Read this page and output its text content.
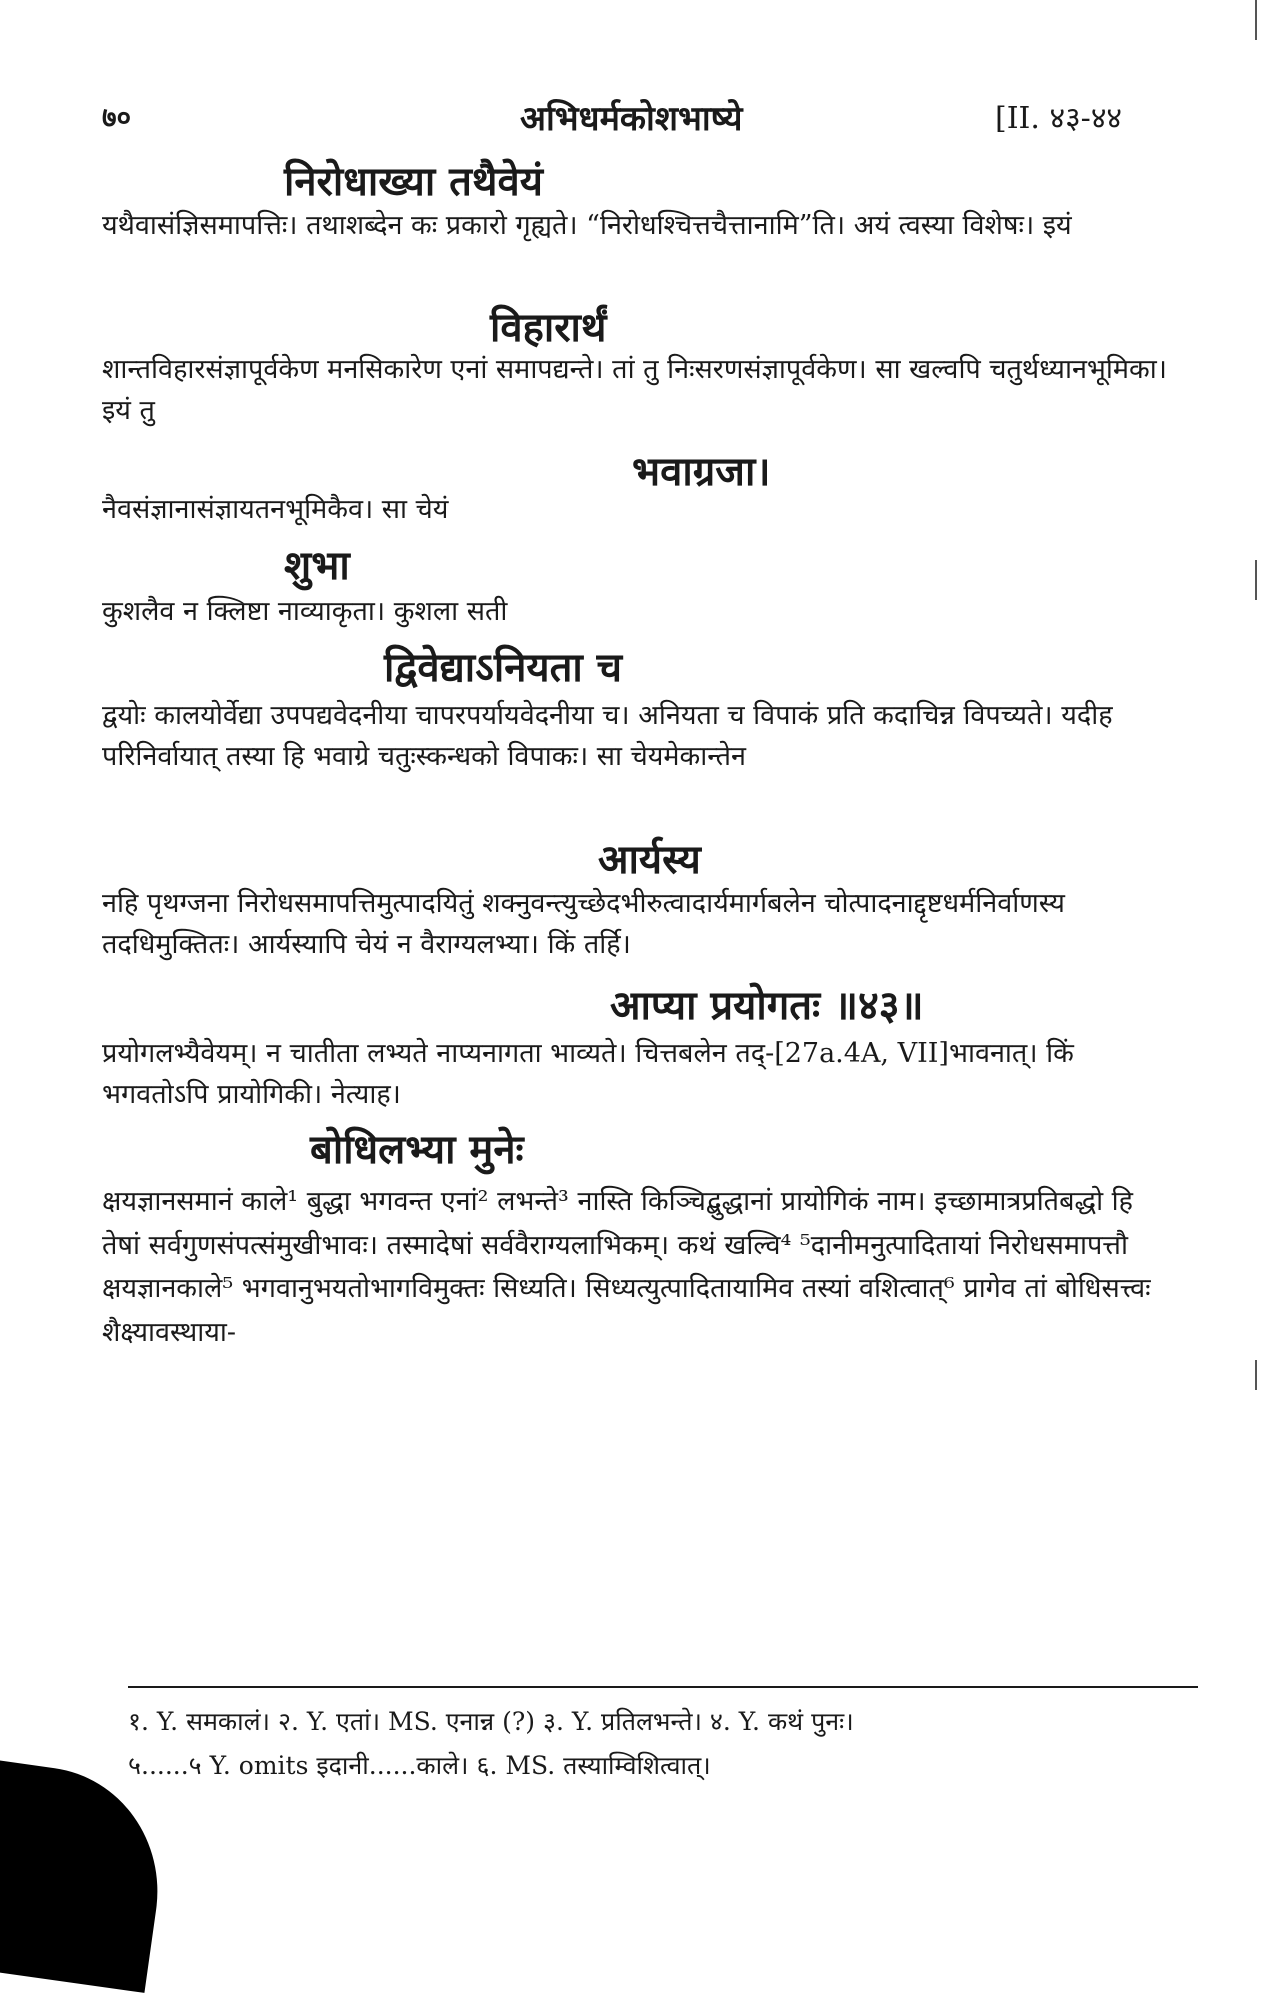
७०	अभिधर्मकोशभाष्ये	[II. ४३-४४
निरोधाख्या तथैवेयं
यथैवासंज्ञिसमापत्तिः। तथाशब्देन कः प्रकारो गृह्यते। “निरोधश्चित्तचैत्तानामि”ति। अयं त्वस्या विशेषः। इयं
विहारार्थं
शान्तविहारसंज्ञापूर्वकेण मनसिकारेण एनां समापद्यन्ते। तां तु निःसरणसंज्ञापूर्वकेण। सा खल्वपि चतुर्थध्यानभूमिका। इयं तु
भवाग्रजा।
नैवसंज्ञानासंज्ञायतनभूमिकैव। सा चेयं
शुभा
कुशलैव न क्लिष्टा नाव्याकृता। कुशला सती
द्विवेद्याऽनियता च
द्वयोः कालयोर्वेद्या उपपद्यवेदनीया चापरपर्यायवेदनीया च। अनियता च विपाकं प्रति कदाचिन्न विपच्यते। यदीह परिनिर्वायात् तस्या हि भवाग्रे चतुःस्कन्धको विपाकः। सा चेयमेकान्तेन
आर्यस्य
नहि पृथग्जना निरोधसमापत्तिमुत्पादयितुं शक्नुवन्त्युच्छेदभीरुत्वादार्यमार्गबलेन चोत्पादनाद्दृष्टधर्मनिर्वाणस्य तदधिमुक्तितः। आर्यस्यापि चेयं न वैराग्यलभ्या। किं तर्हि।
आप्या प्रयोगतः ॥४३॥
प्रयोगलभ्यैवेयम्। न चातीता लभ्यते नाप्यनागता भाव्यते। चित्तबलेन तद्-[27a.4A, VII]भावनात्। किं भगवतोऽपि प्रायोगिकी। नेत्याह।
बोधिलभ्या मुनेः
क्षयज्ञानसमानं काले¹ बुद्धा भगवन्त एनां² लभन्ते³ नास्ति किञ्चिद्बुद्धानां प्रायोगिकं नाम। इच्छामात्रप्रतिबद्धो हि तेषां सर्वगुणसंपत्संमुखीभावः। तस्मादेषां सर्ववैराग्यलाभिकम्। कथं खल्वि⁴ ⁵दानीमनुत्पादितायां निरोधसमापत्तौ क्षयज्ञानकाले⁵ भगवानुभयतोभागविमुक्तः सिध्यति। सिध्यत्युत्पादितायामिव तस्यां वशित्वात्⁶ प्रागेव तां बोधिसत्त्वः शैक्ष्यावस्थाया-
१. Y. समकालं। २. Y. एतां। MS. एनान्न (?) ३. Y. प्रतिलभन्ते। ४. Y. कथं पुनः।
५......५ Y. omits इदानी......काले। ६. MS. तस्याम्विशित्वात्।
